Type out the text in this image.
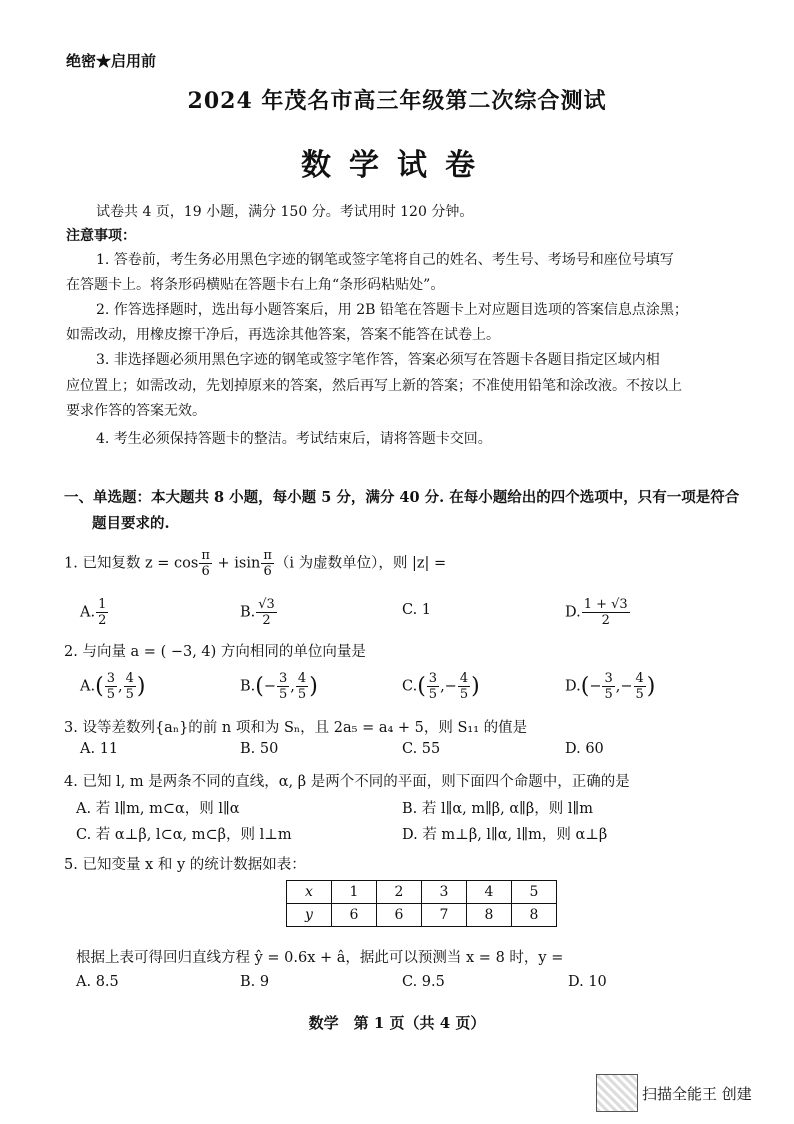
绝密★启用前
2024 年茂名市高三年级第二次综合测试
数学试卷
试卷共 4 页，19 小题，满分 150 分。考试用时 120 分钟。
注意事项：
1. 答卷前，考生务必用黑色字迹的钢笔或签字笔将自己的姓名、考生号、考场号和座位号填写
在答题卡上。将条形码横贴在答题卡右上角“条形码粘贴处”。
2. 作答选择题时，选出每小题答案后，用 2B 铅笔在答题卡上对应题目选项的答案信息点涂黑；
如需改动，用橡皮擦干净后，再选涂其他答案，答案不能答在试卷上。
3. 非选择题必须用黑色字迹的钢笔或签字笔作答，答案必须写在答题卡各题目指定区域内相
应位置上；如需改动，先划掉原来的答案，然后再写上新的答案；不准使用铅笔和涂改液。不按以上
要求作答的答案无效。
4. 考生必须保持答题卡的整洁。考试结束后，请将答题卡交回。
一、单选题：本大题共 8 小题，每小题 5 分，满分 40 分. 在每小题给出的四个选项中，只有一项是符合
题目要求的.
1. 已知复数 $z = \cos \frac{\pi}{6} + isin \frac{\pi}{6} (i$ 为虚数单位），则 |z| =
A. $\frac{1}{2}$	B. $\frac{√3}{2}$	C. 1	D. $\frac{1 + √3}{2}$
2. 与向量 a = ( −3, 4) 方向相同的单位向量是
$A.( \frac{3}{5}$ , $\frac{4}{5}$ )	$B.(- \frac{3}{5}$ , $\frac{4}{5}$ )	$C.( \frac{3}{5}$ ,− $\frac{4}{5}$ )	$D.(- \frac{3}{5}$ ,− $\frac{4}{5}$ )
3. 设等差数列{aₙ}的前 n 项和为 Sₙ，且 2a₅ = a₄ + 5，则 S₁₁ 的值是
A. 11	B. 50	C. 55	D. 60
4. 已知 l, m 是两条不同的直线，α, β 是两个不同的平面，则下面四个命题中，正确的是
A. 若 l∥m, m⊂α，则 l∥α	B. 若 l∥α, m∥β, α∥β，则 l∥m
C. 若 α⊥β, l⊂α, m⊂β，则 l⊥m	D. 若 m⊥β, l∥α, l∥m，则 α⊥β
5. 已知变量 x 和 y 的统计数据如表：
x	1	2	3	4	5
y	6	6	7	8	8
根据上表可得回归直线方程 ŷ = 0.6x + â，据此可以预测当 x = 8 时，y =
A. 8.5	B. 9	C. 9.5	D. 10
数学　第 1 页（共 4 页）
扫描全能王 创建
